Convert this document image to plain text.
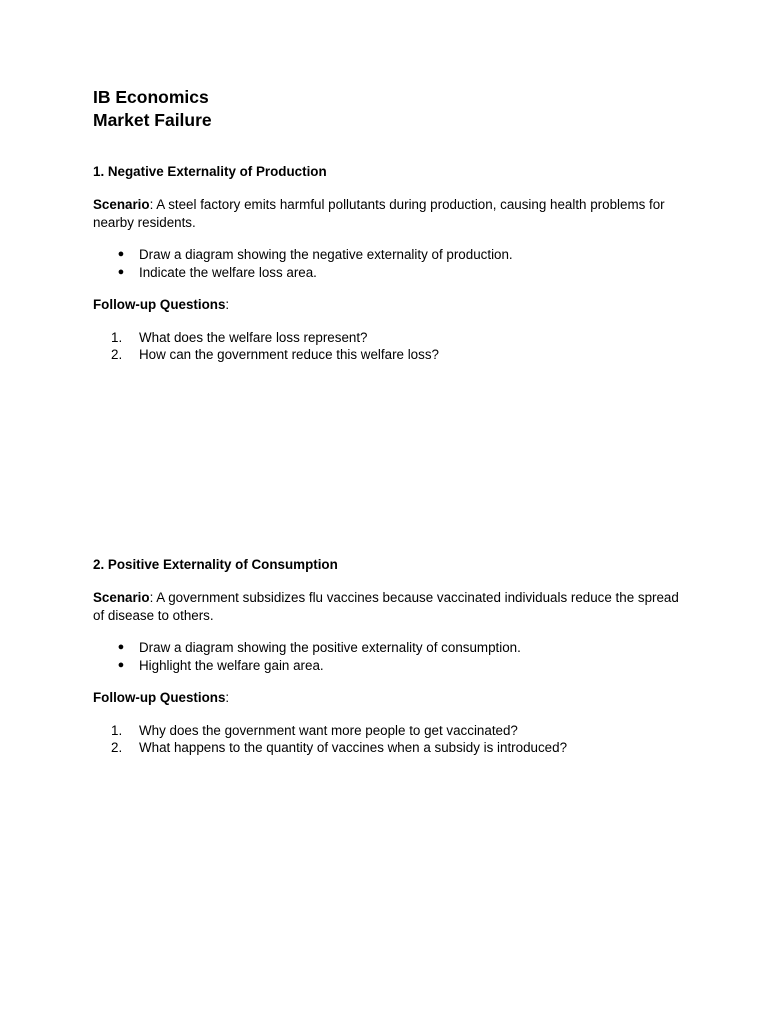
IB Economics
Market Failure
1. Negative Externality of Production

Scenario: A steel factory emits harmful pollutants during production, causing health problems for nearby residents.

● Draw a diagram showing the negative externality of production.
● Indicate the welfare loss area.

Follow-up Questions:

1.	What does the welfare loss represent?
2.	How can the government reduce this welfare loss?
2. Positive Externality of Consumption

Scenario: A government subsidizes flu vaccines because vaccinated individuals reduce the spread of disease to others.

● Draw a diagram showing the positive externality of consumption.
● Highlight the welfare gain area.

Follow-up Questions:

1.	Why does the government want more people to get vaccinated?
2.	What happens to the quantity of vaccines when a subsidy is introduced?
